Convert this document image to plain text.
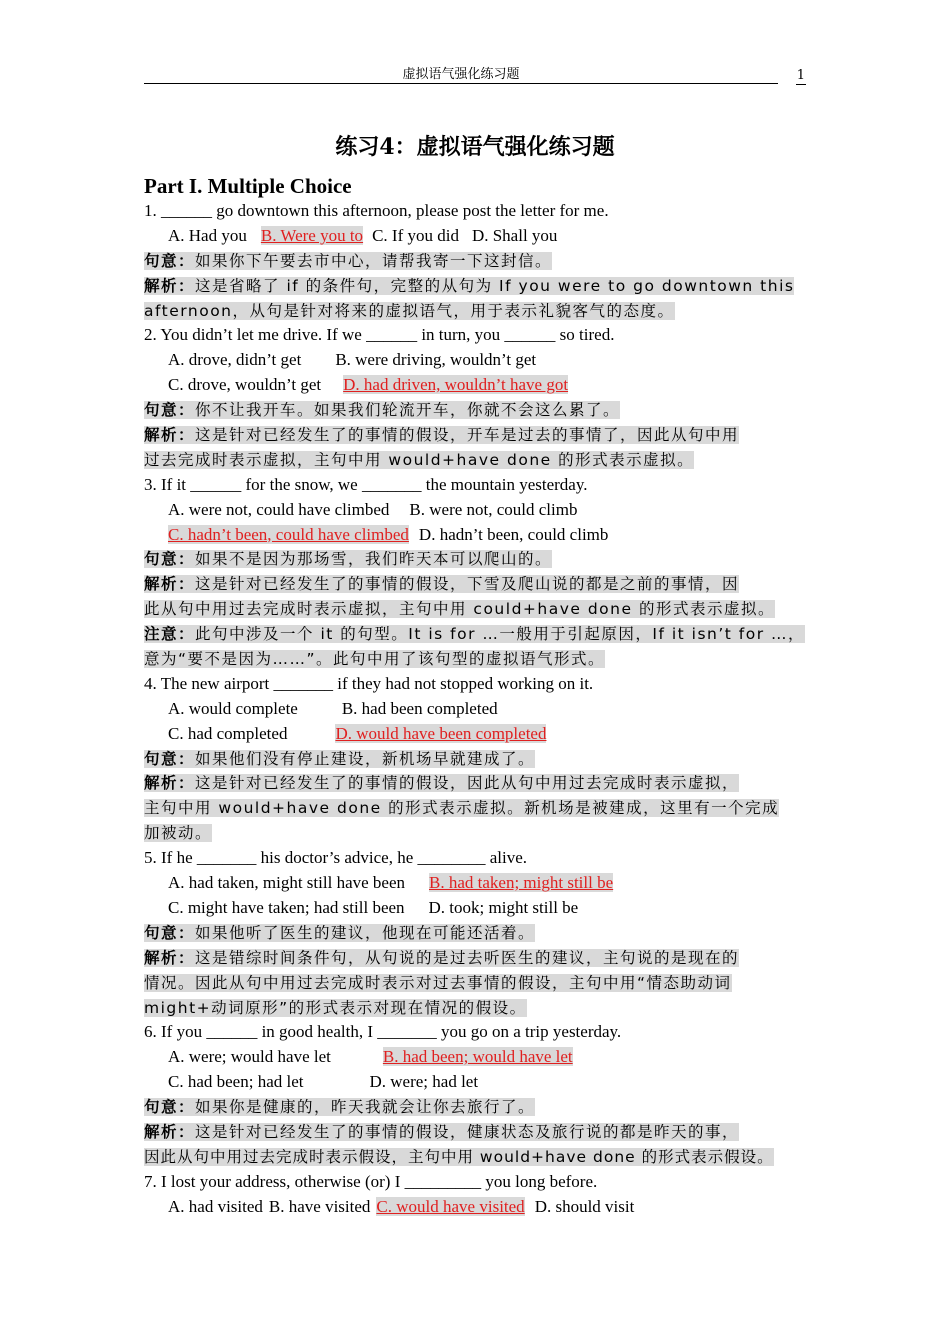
虚拟语气强化练习题	1
练习4：虚拟语气强化练习题
Part I. Multiple Choice
1. ______ go downtown this afternoon, please post the letter for me.
A. Had you B. Were you to C. If you did D. Shall you
句意：如果你下午要去市中心，请帮我寄一下这封信。
解析：这是省略了 if 的条件句，完整的从句为 If you were to go downtown this
afternoon，从句是针对将来的虚拟语气，用于表示礼貌客气的态度。
2. You didn’t let me drive. If we ______ in turn, you ______ so tired.
A. drove, didn’t get B. were driving, wouldn’t get
C. drove, wouldn’t get D. had driven, wouldn’t have got
句意：你不让我开车。如果我们轮流开车，你就不会这么累了。
解析：这是针对已经发生了的事情的假设，开车是过去的事情了，因此从句中用
过去完成时表示虚拟，主句中用 would+have done 的形式表示虚拟。
3. If it ______ for the snow, we _______ the mountain yesterday.
A. were not, could have climbed B. were not, could climb
C. hadn’t been, could have climbed D. hadn’t been, could climb
句意：如果不是因为那场雪，我们昨天本可以爬山的。
解析：这是针对已经发生了的事情的假设，下雪及爬山说的都是之前的事情，因
此从句中用过去完成时表示虚拟，主句中用 could+have done 的形式表示虚拟。
注意：此句中涉及一个 it 的句型。It is for …一般用于引起原因，If it isn’t for …，
意为“要不是因为……”。此句中用了该句型的虚拟语气形式。
4. The new airport _______ if they had not stopped working on it.
A. would complete	B. had been completed
C. had completed	D. would have been completed
句意：如果他们没有停止建设，新机场早就建成了。
解析：这是针对已经发生了的事情的假设，因此从句中用过去完成时表示虚拟，
主句中用 would+have done 的形式表示虚拟。新机场是被建成，这里有一个完成
加被动。
5. If he _______ his doctor’s advice, he ________ alive.
A. had taken, might still have been B. had taken; might still be
C. might have taken; had still been D. took; might still be
句意：如果他听了医生的建议，他现在可能还活着。
解析：这是错综时间条件句，从句说的是过去听医生的建议，主句说的是现在的
情况。因此从句中用过去完成时表示对过去事情的假设，主句中用“情态助动词
might+动词原形”的形式表示对现在情况的假设。
6. If you ______ in good health, I _______ you go on a trip yesterday.
A. were; would have let	B. had been; would have let
C. had been; had let	D. were; had let
句意：如果你是健康的，昨天我就会让你去旅行了。
解析：这是针对已经发生了的事情的假设，健康状态及旅行说的都是昨天的事，
因此从句中用过去完成时表示假设，主句中用 would+have done 的形式表示假设。
7. I lost your address, otherwise (or) I _________ you long before.
A. had visited B. have visited C. would have visited D. should visit
